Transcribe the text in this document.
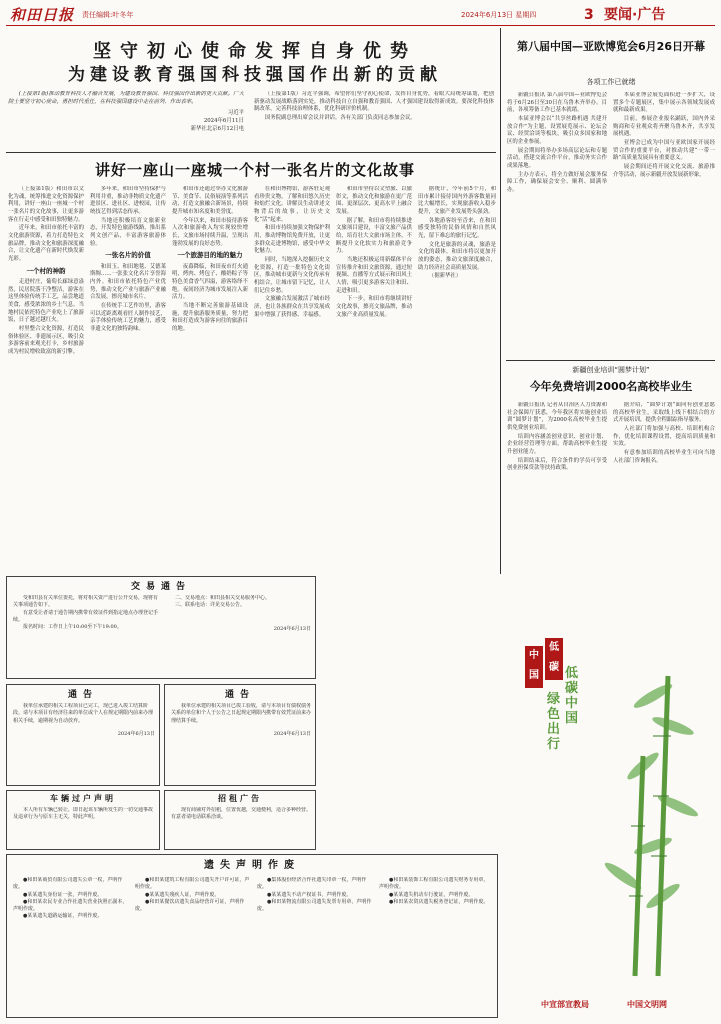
和田日报 责任编辑:叶冬年	2024年6月13日 星期四	3 要闻·广告
坚守初心使命发挥自身优势
为建设教育强国科技强国作出新的贡献

(上接第1版)推动教育科技人才融合发展，为建设教育强国、科技强国作出新的更大贡献。广大院士要坚守初心使命，勇担时代重任，在科技强国建设中走在前列、作出表率。

习近平
2024年6月11日
新华社北京6月12日电

（上接第1版）习近平强调，希望你们坚守初心使命，发挥自身优势，着眼大局统筹谋划，把创新驱动发展战略落到实处，推动科技自立自强和教育强国、人才强国建设取得新成效。要深化科技体制改革，完善科技治理体系，优化科研评价机制。

国务院副总理出席会议并讲话。各有关部门负责同志参加会议。

讲好一座山一座城一个村一张名片的文化故事

（上接第1版）和田市以文化为魂，统筹推进文化资源保护利用，讲好一座山一座城一个村一张名片的文化故事，让更多游客在行走中感受和田独特魅力。

近年来，和田市依托丰富的文化旅游资源，着力打造特色文旅品牌，推动文化和旅游深度融合，让文化遗产在新时代焕发新光彩。

一个村的神韵

走进村庄，葡萄长廊绿意盎然，民居院落干净整洁，游客在这里体验传统手工艺，品尝地道美食，感受浓浓的乡土气息。当地村民依托特色产业吃上了旅游饭，日子越过越红火。

村里整合文化资源，打造民俗体验区、非遗展示区，吸引众多游客前来观光打卡，乡村旅游成为村民增收致富的新引擎。

多年来，和田市坚持保护与利用并重，推动非物质文化遗产进景区、进社区、进校园，让传统技艺得到活态传承。

当地还积极培育文旅新业态，开发特色旅游线路，推出系列文创产品，丰富游客旅游体验。

一张名片的价值

和田玉、和田地毯、艾德莱斯绸……一张张文化名片享誉海内外。和田市依托特色产业优势，推动文化产业与旅游产业融合发展，擦亮城市名片。

在传统手工艺作坊里，游客可以近距离观看匠人制作技艺，亲手体验传统工艺的魅力，感受非遗文化的独特韵味。

和田市还通过举办文化旅游节、美食节、民俗展演等系列活动，打造文旅融合新场景，持续提升城市知名度和美誉度。

今年以来，和田市接待游客人次和旅游收入均实现较快增长，文旅市场持续升温，呈现出蓬勃发展的良好态势。

一个旅游目的地的魅力

夜幕降临，和田夜市灯火通明，烤肉、烤包子、酸奶粽子等特色美食香气四溢，游客络绎不绝。夜间经济为城市发展注入新活力。

当地不断完善旅游基础设施，提升旅游服务质量，努力把和田打造成为游客向往的旅游目的地。

在和田博物馆，游客驻足观看珍贵文物，了解和田悠久历史和灿烂文化。讲解员生动讲述文物背后的故事，让历史文化“活”起来。

和田市持续加强文物保护利用，推动博物馆免费开放，让更多群众走进博物馆，感受中华文化魅力。

同时，当地深入挖掘历史文化资源，打造一批特色文化街区，推动城市更新与文化传承有机结合，让城市留下记忆，让人们记住乡愁。

文旅融合发展激活了城市经济，也让各族群众在共享发展成果中增强了获得感、幸福感。

和田市坚持以文塑旅、以旅彰文，推动文化和旅游在更广范围、更深层次、更高水平上融合发展。

据了解，和田市将持续推进文旅项目建设，丰富文旅产品供给，培育壮大文旅市场主体，不断提升文化软实力和旅游竞争力。

当地还积极运用新媒体平台宣传推介和田文旅资源，通过短视频、直播等方式展示和田风土人情，吸引更多游客关注和田、走进和田。

下一步，和田市将继续讲好文化故事，擦亮文旅品牌，推动文旅产业高质量发展。

据统计，今年前5个月，和田市累计接待国内外游客数量同比大幅增长，实现旅游收入稳步提升，文旅产业发展势头强劲。

各地游客纷至沓来，在和田感受独特的民俗风情和自然风光，留下难忘的旅行记忆。

文化是旅游的灵魂，旅游是文化的载体。和田市将以更加开放的姿态，推动文旅深度融合，助力经济社会高质量发展。

（据新华社）

第八届中国—亚欧博览会6月26日开幕
各项工作已就绪

新疆日报讯 第八届中国—亚欧博览会将于6月26日至30日在乌鲁木齐举办。目前，各项筹备工作已基本就绪。

本届亚博会以“共享丝路机遇 共建开放合作”为主题，设置展览展示、论坛会议、经贸洽谈等板块，吸引众多国家和地区的企业参展。

展会期间将举办多场高层论坛和专题活动，搭建交流合作平台，推动务实合作成果落地。

主办方表示，将全力做好展会服务保障工作，确保展会安全、顺利、圆满举办。

本届亚博会展览面积进一步扩大，设置多个专题展区，集中展示各领域发展成就和最新成果。

目前，参展企业报名踊跃，国内外采购商和专业观众将齐聚乌鲁木齐，共享发展机遇。

亚博会已成为中国与亚欧国家开展经贸合作的重要平台，对推动共建“一带一路”高质量发展具有重要意义。

展会期间还将开展文化交流、旅游推介等活动，展示新疆开放发展新形象。

新疆创业培训“圆梦计划”
今年免费培训2000名高校毕业生

新疆日报讯 记者从自治区人力资源和社会保障厅获悉，今年我区将实施创业培训“圆梦计划”，为2000名高校毕业生提供免费创业培训。

培训内容涵盖创业意识、创业计划、企业经营管理等方面，帮助高校毕业生提升创业能力。

培训结束后，符合条件的学员可享受创业担保贷款等扶持政策。

据介绍，“圆梦计划”面向有创业意愿的高校毕业生，采取线上线下相结合的方式开展培训，提供全程跟踪指导服务。

人社部门将加强与高校、培训机构合作，优化培训课程设置，提高培训质量和实效。

有意参加培训的高校毕业生可向当地人社部门咨询报名。

交易通告

受和田县有关单位委托，将对相关资产进行公开交易，现将有关事项通告如下。

有意受让者请于通告期内携带有效证件到指定地点办理登记手续。

报名时间：工作日上午10:00至下午19:00。

二、交易地点：和田县相关交易服务中心。

三、联系电话：详见交易公告。

2024年6月13日
通告

我单位承建的相关工程项目已完工，现已进入竣工结算阶段。请与本项目有经济往来的单位或个人在规定期限内前来办理相关手续，逾期视为自动放弃。

2024年6月13日
通告

我单位承建的相关项目已竣工验收，请与本项目有债权债务关系的单位和个人于公告之日起规定期限内携带有效凭证前来办理结算手续。

2024年6月13日
车辆过户声明

本人所有车辆已转让，即日起该车辆所发生的一切交通事故及违章行为与原车主无关，特此声明。

招租广告

现有商铺对外招租，位置优越，交通便利，适合多种经营。有意者请电话联系洽谈。

遗失声明作废

●和田某商贸有限公司遗失公章一枚，声明作废。

●某某遗失身份证一张，声明作废。

●和田某农民专业合作社遗失营业执照正副本，声明作废。

●某某遗失道路运输证，声明作废。

●和田某建筑工程有限公司遗失开户许可证，声明作废。

●某某遗失残疾人证，声明作废。

●和田某餐饮店遗失食品经营许可证，声明作废。

●集体股份经济合作社遗失印章一枚，声明作废。

●某某遗失不动产权证书，声明作废。

●和田某物流有限公司遗失发票专用章，声明作废。

●和田某装饰工程有限公司遗失财务专用章，声明作废。

●某某遗失机动车行驶证，声明作废。

●和田某农资店遗失税务登记证，声明作废。

中国
低碳 低碳中国
绿色出行
中宣部宣教局	中国文明网
